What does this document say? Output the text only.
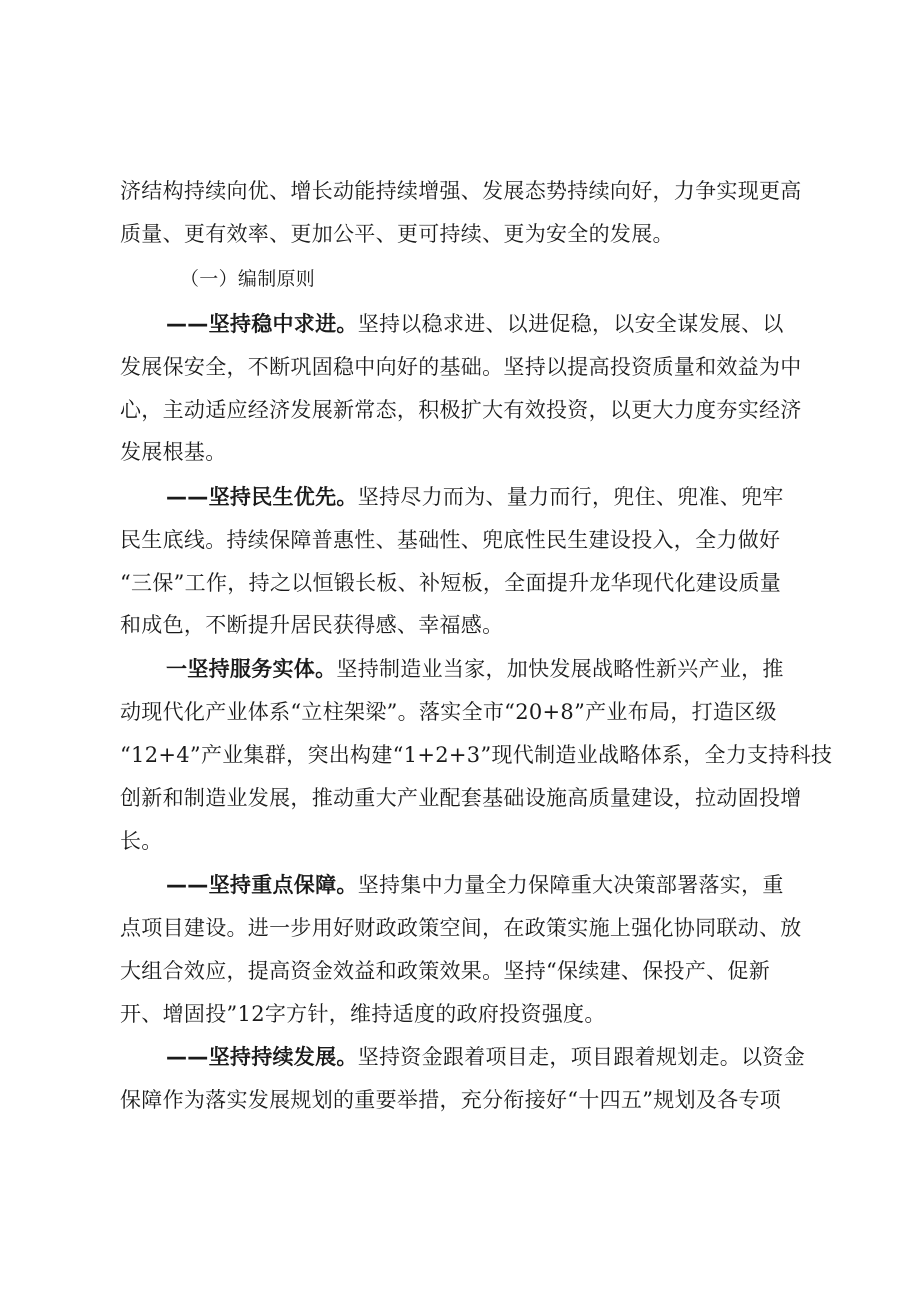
济结构持续向优、增长动能持续增强、发展态势持续向好，力争实现更高
质量、更有效率、更加公平、更可持续、更为安全的发展。
（一）编制原则
——坚持稳中求进。坚持以稳求进、以进促稳，以安全谋发展、以
发展保安全，不断巩固稳中向好的基础。坚持以提高投资质量和效益为中
心，主动适应经济发展新常态，积极扩大有效投资，以更大力度夯实经济
发展根基。
——坚持民生优先。坚持尽力而为、量力而行，兜住、兜准、兜牢
民生底线。持续保障普惠性、基础性、兜底性民生建设投入，全力做好
“三保”工作，持之以恒锻长板、补短板，全面提升龙华现代化建设质量
和成色，不断提升居民获得感、幸福感。
一坚持服务实体。坚持制造业当家，加快发展战略性新兴产业，推
动现代化产业体系“立柱架梁”。落实全市“20+8”产业布局，打造区级
“12+4”产业集群，突出构建“1+2+3”现代制造业战略体系，全力支持科技
创新和制造业发展，推动重大产业配套基础设施高质量建设，拉动固投增
长。
——坚持重点保障。坚持集中力量全力保障重大决策部署落实，重
点项目建设。进一步用好财政政策空间，在政策实施上强化协同联动、放
大组合效应，提高资金效益和政策效果。坚持“保续建、保投产、促新
开、增固投”12字方针，维持适度的政府投资强度。
——坚持持续发展。坚持资金跟着项目走，项目跟着规划走。以资金
保障作为落实发展规划的重要举措，充分衔接好“十四五”规划及各专项
